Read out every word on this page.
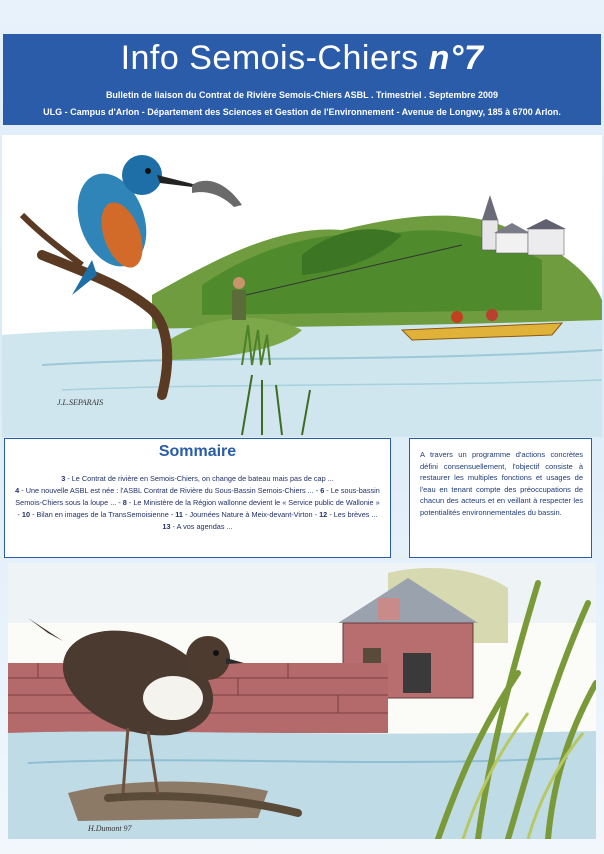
Info Semois-Chiers n°7
Bulletin de liaison du Contrat de Rivière Semois-Chiers ASBL . Trimestriel . Septembre 2009
ULG - Campus d'Arlon - Département des Sciences et Gestion de l'Environnement - Avenue de Longwy, 185 à 6700 Arlon.
J.L.SEPARAIS
Sommaire
3 - Le Contrat de rivière en Semois-Chiers, on change de bateau mais pas de cap ...
4 - Une nouvelle ASBL est née : l'ASBL Contrat de Rivière du Sous-Bassin Semois-Chiers ... - 6 - Le sous-bassin Semois-Chiers sous la loupe ... - 8 - Le Ministère de la Région wallonne devient le « Service public de Wallonie » - 10 - Bilan en images de la TransSemoisienne - 11 - Journées Nature à Meix-devant-Virton - 12 - Les brèves ...
13 - A vos agendas ...
A travers un programme d'actions concrètes défini consensuellement, l'objectif consiste à restaurer les multiples fonctions et usages de l'eau en tenant compte des préoccupations de chacun des acteurs et en veillant à respecter les potentialités environnementales du bassin.
H.Dumont 97
